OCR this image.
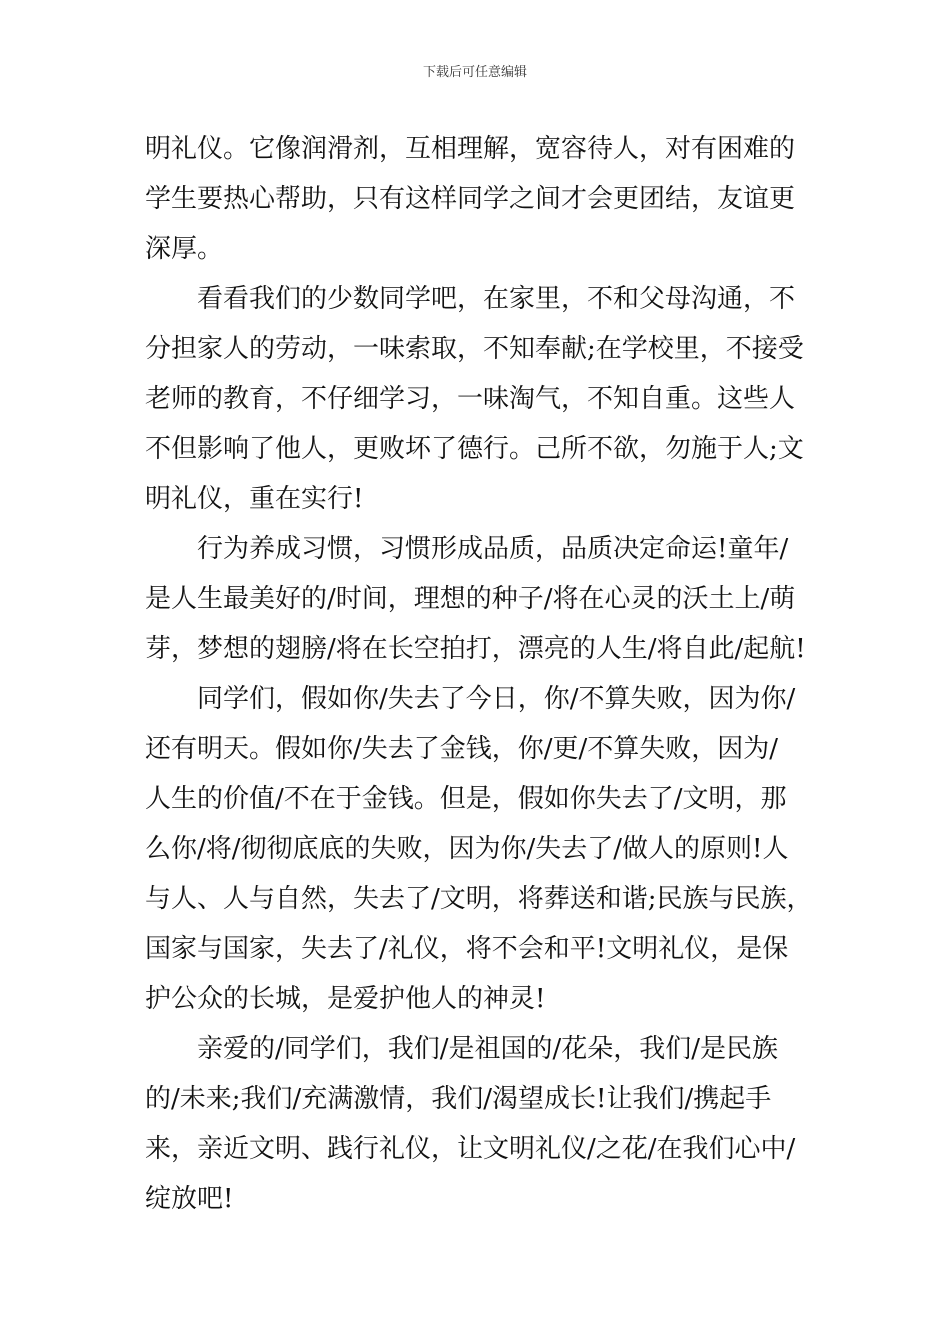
下载后可任意编辑
明礼仪。它像润滑剂，互相理解，宽容待人，对有困难的
学生要热心帮助，只有这样同学之间才会更团结，友谊更
深厚。
看看我们的少数同学吧，在家里，不和父母沟通，不
分担家人的劳动，一味索取，不知奉献;在学校里，不接受
老师的教育，不仔细学习，一味淘气，不知自重。这些人
不但影响了他人，更败坏了德行。己所不欲，勿施于人;文
明礼仪，重在实行!
行为养成习惯，习惯形成品质，品质决定命运!童年/
是人生最美好的/时间，理想的种子/将在心灵的沃土上/萌
芽，梦想的翅膀/将在长空拍打，漂亮的人生/将自此/起航!
同学们，假如你/失去了今日，你/不算失败，因为你/
还有明天。假如你/失去了金钱，你/更/不算失败，因为/
人生的价值/不在于金钱。但是，假如你失去了/文明，那
么你/将/彻彻底底的失败，因为你/失去了/做人的原则!人
与人、人与自然，失去了/文明，将葬送和谐;民族与民族，
国家与国家，失去了/礼仪，将不会和平!文明礼仪，是保
护公众的长城，是爱护他人的神灵!
亲爱的/同学们，我们/是祖国的/花朵，我们/是民族
的/未来;我们/充满激情，我们/渴望成长!让我们/携起手
来，亲近文明、践行礼仪，让文明礼仪/之花/在我们心中/
绽放吧!
